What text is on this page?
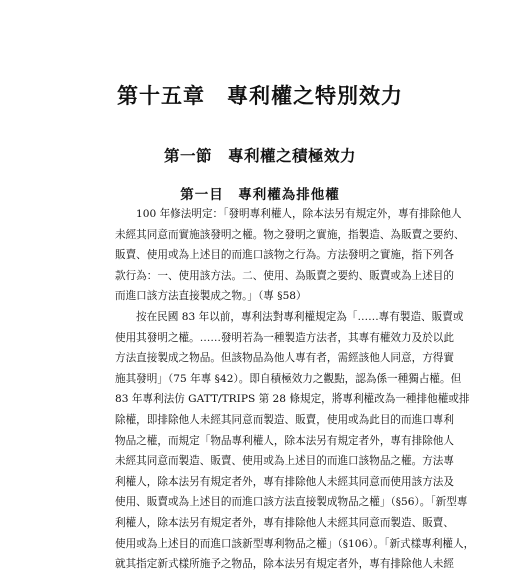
第十五章　專利權之特別效力
第一節　專利權之積極效力
第一目　專利權為排他權
100 年修法明定：「發明專利權人，除本法另有規定外，專有排除他人
未經其同意而實施該發明之權。物之發明之實施，指製造、為販賣之要約、
販賣、使用或為上述目的而進口該物之行為。方法發明之實施，指下列各
款行為：一、使用該方法。二、使用、為販賣之要約、販賣或為上述目的
而進口該方法直接製成之物。」（專 §58）
按在民國 83 年以前，專利法對專利權規定為「……專有製造、販賣或
使用其發明之權。……發明若為一種製造方法者，其專有權效力及於以此
方法直接製成之物品。但該物品為他人專有者，需經該他人同意，方得實
施其發明」（75 年專 §42）。即自積極效力之觀點，認為係一種獨占權。但
83 年專利法仿 GATT/TRIPS 第 28 條規定，將專利權改為一種排他權或排
除權，即排除他人未經其同意而製造、販賣，使用或為此目的而進口專利
物品之權，而規定「物品專利權人，除本法另有規定者外，專有排除他人
未經其同意而製造、販賣、使用或為上述目的而進口該物品之權。方法專
利權人，除本法另有規定者外，專有排除他人未經其同意而使用該方法及
使用、販賣或為上述目的而進口該方法直接製成物品之權」（§56）。「新型專
利權人，除本法另有規定者外，專有排除他人未經其同意而製造、販賣、
使用或為上述目的而進口該新型專利物品之權」（§106）。「新式樣專利權人，
就其指定新式樣所施予之物品，除本法另有規定者外，專有排除他人未經
